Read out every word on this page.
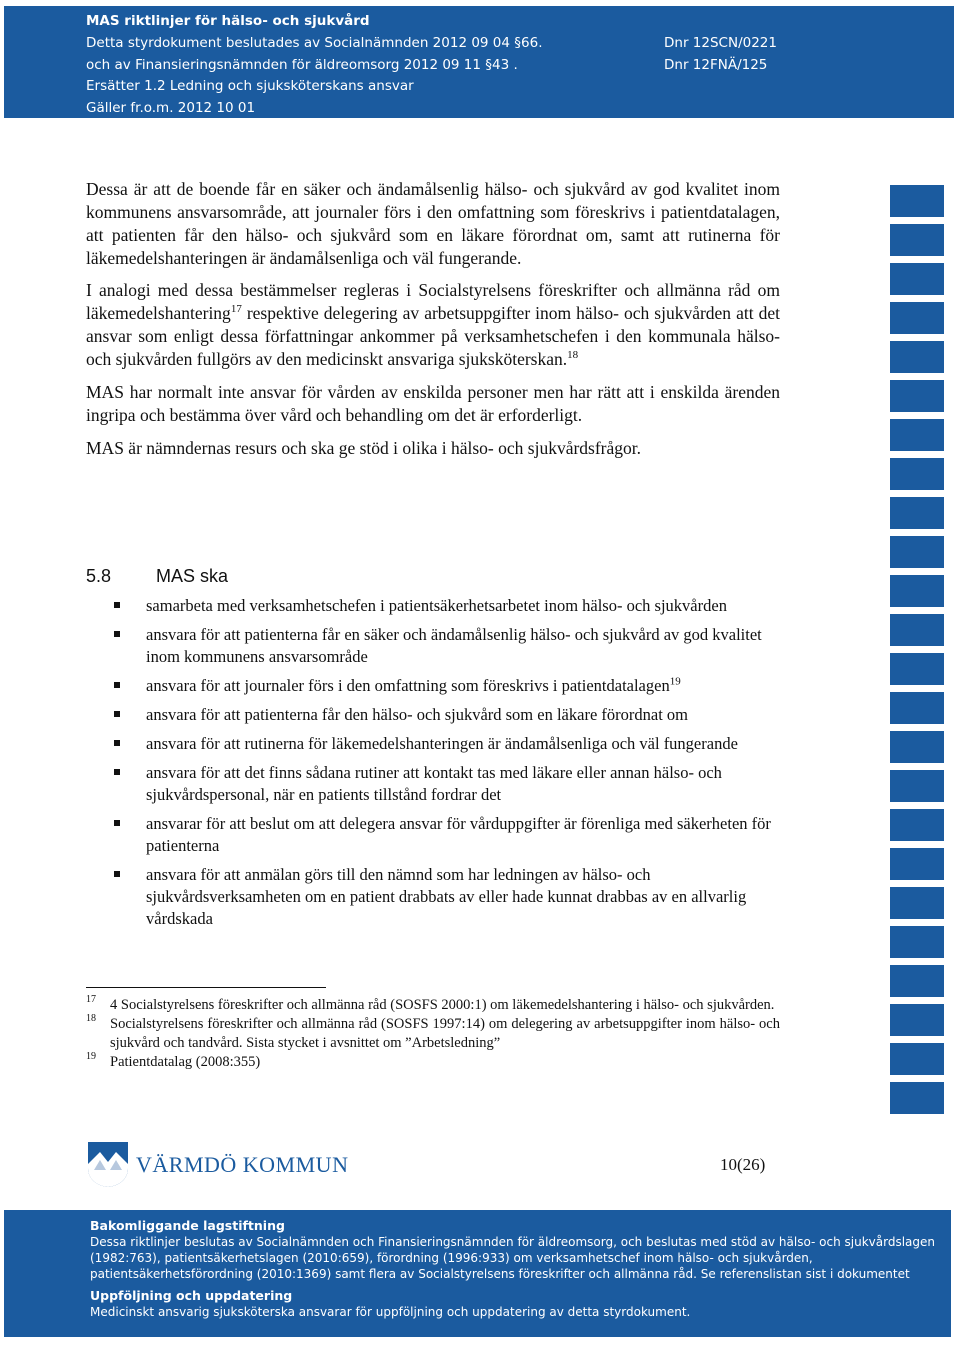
MAS riktlinjer för hälso- och sjukvård
Detta styrdokument beslutades av Socialnämnden 2012 09 04 §66.
och av Finansieringsnämnden för äldreomsorg 2012 09 11 §43 .
Ersätter 1.2 Ledning och sjuksköterskans ansvar
Gäller fr.o.m. 2012 10 01
Dnr 12SCN/0221
Dnr 12FNÄ/125

Dessa är att de boende får en säker och ändamålsenlig hälso- och sjukvård av god kvalitet inom kommunens ansvarsområde, att journaler förs i den omfattning som föreskrivs i patientdatalagen, att patienten får den hälso- och sjukvård som en läkare förordnat om, samt att rutinerna för läkemedelshanteringen är ändamålsenliga och väl fungerande.

I analogi med dessa bestämmelser regleras i Socialstyrelsens föreskrifter och allmänna råd om läkemedelshantering$^{17}$ respektive delegering av arbetsuppgifter inom hälso- och sjukvården att det ansvar som enligt dessa författningar ankommer på verksamhetschefen i den kommunala hälso- och sjukvården fullgörs av den medicinskt ansvariga sjuksköterskan.$^{18}$

MAS har normalt inte ansvar för vården av enskilda personer men har rätt att i enskilda ärenden ingripa och bestämma över vård och behandling om det är erforderligt.

MAS är nämndernas resurs och ska ge stöd i olika i hälso- och sjukvårdsfrågor.

5.8 MAS ska
samarbeta med verksamhetschefen i patientsäkerhetsarbetet inom hälso- och sjukvården
ansvara för att patienterna får en säker och ändamålsenlig hälso- och sjukvård av god kvalitet inom kommunens ansvarsområde
ansvara för att journaler förs i den omfattning som föreskrivs i patientdatalagen$^{19}$
ansvara för att patienterna får den hälso- och sjukvård som en läkare förordnat om
ansvara för att rutinerna för läkemedelshanteringen är ändamålsenliga och väl fungerande
ansvara för att det finns sådana rutiner att kontakt tas med läkare eller annan hälso- och sjukvårdspersonal, när en patients tillstånd fordrar det
ansvarar för att beslut om att delegera ansvar för vårduppgifter är förenliga med säkerheten för patienterna
ansvara för att anmälan görs till den nämnd som har ledningen av hälso- och sjukvårdsverksamheten om en patient drabbats av eller hade kunnat drabbas av en allvarlig vårdskada
17 4 Socialstyrelsens föreskrifter och allmänna råd (SOSFS 2000:1) om läkemedelshantering i hälso- och sjukvården.
18 Socialstyrelsens föreskrifter och allmänna råd (SOSFS 1997:14) om delegering av arbetsuppgifter inom hälso- och sjukvård och tandvård. Sista stycket i avsnittet om ”Arbetsledning”
19 Patientdatalag (2008:355)
VÄRMDÖ KOMMUN	10(26)
Bakomliggande lagstiftning
Dessa riktlinjer beslutas av Socialnämnden och Finansieringsnämnden för äldreomsorg, och beslutas med stöd av hälso- och sjukvårdslagen (1982:763), patientsäkerhetslagen (2010:659), förordning (1996:933) om verksamhetschef inom hälso- och sjukvården, patientsäkerhetsförordning (2010:1369) samt flera av Socialstyrelsens föreskrifter och allmänna råd. Se referenslistan sist i dokumentet
Uppföljning och uppdatering
Medicinskt ansvarig sjuksköterska ansvarar för uppföljning och uppdatering av detta styrdokument.
